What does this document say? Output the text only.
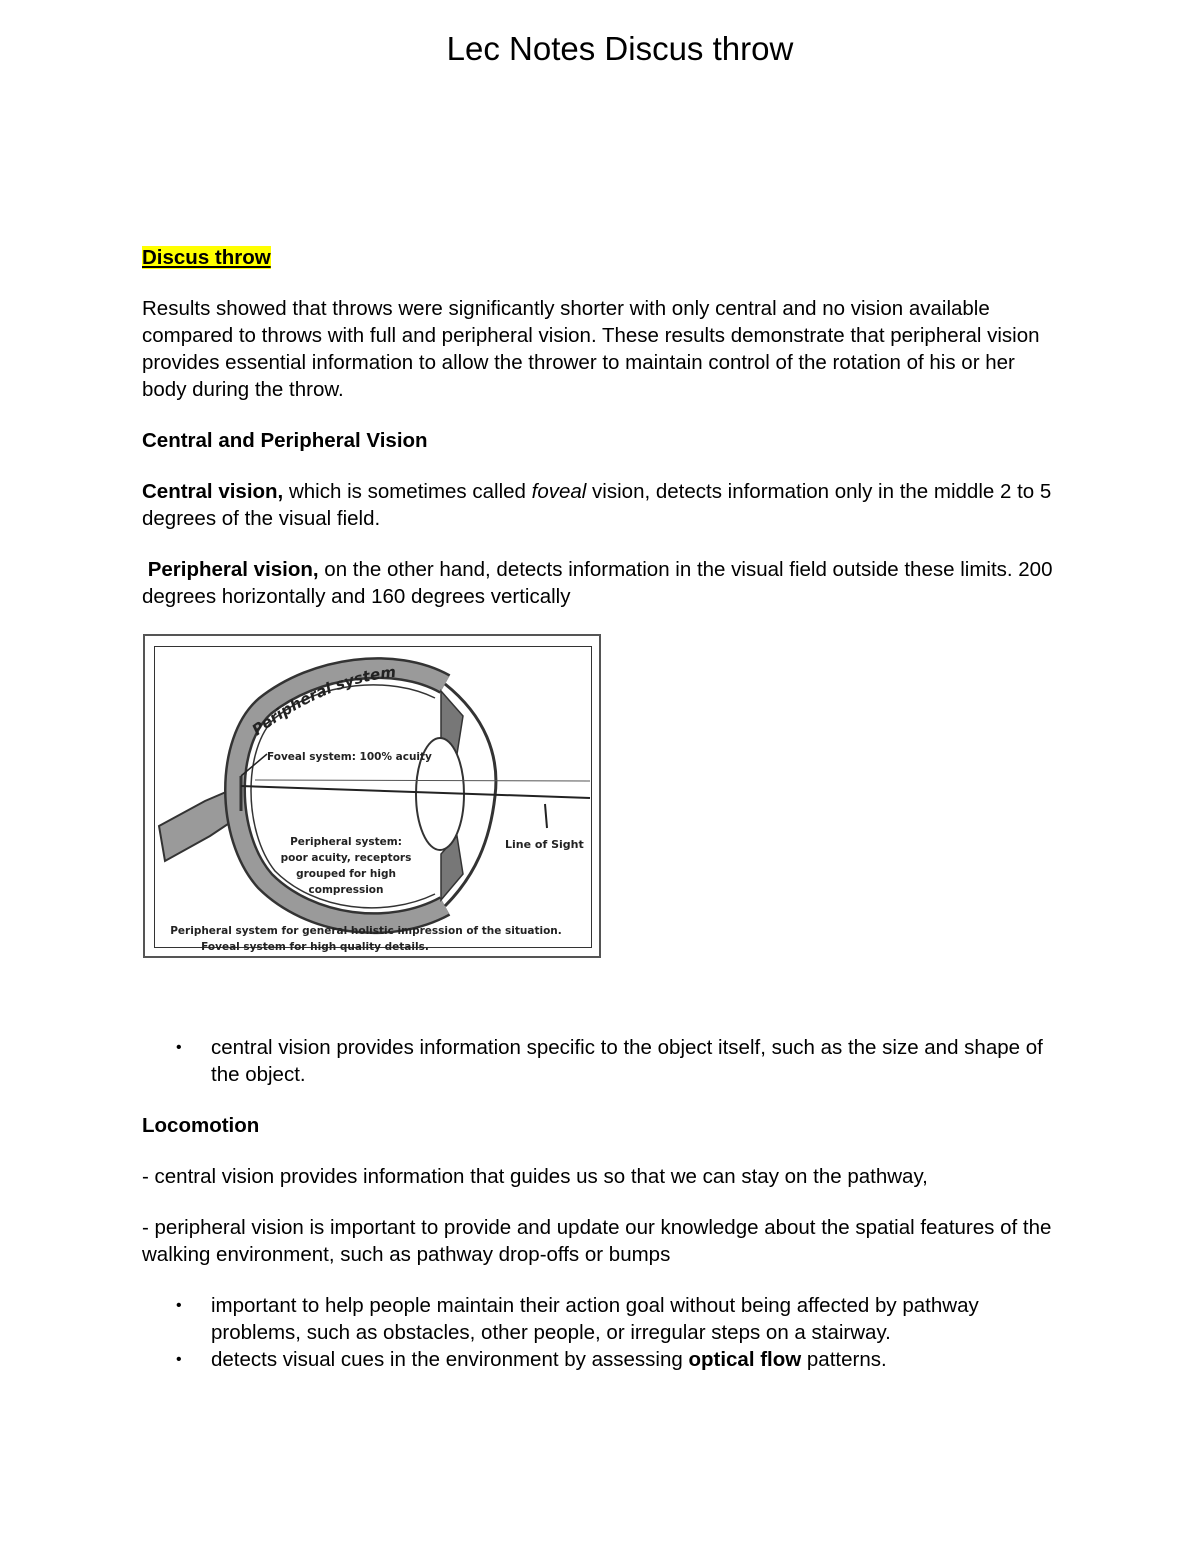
Lec Notes Discus throw

Discus throw

Results showed that throws were significantly shorter with only central and no vision available compared to throws with full and peripheral vision. These results demonstrate that peripheral vision provides essential information to allow the thrower to maintain control of the rotation of his or her body during the throw.

Central and Peripheral Vision

Central vision, which is sometimes called foveal vision, detects information only in the middle 2 to 5 degrees of the visual field.

Peripheral vision, on the other hand, detects information in the visual field outside these limits. 200 degrees horizontally and 160 degrees vertically

Peripheral system
Foveal system: 100% acuity
Line of Sight
Peripheral system:
poor acuity, receptors
grouped for high
compression
Peripheral system for general holistic impression of the situation.
Foveal system for high quality details.
• central vision provides information specific to the object itself, such as the size and shape of the object.

Locomotion

- central vision provides information that guides us so that we can stay on the pathway,

- peripheral vision is important to provide and update our knowledge about the spatial features of the walking environment, such as pathway drop-offs or bumps

• important to help people maintain their action goal without being affected by pathway problems, such as obstacles, other people, or irregular steps on a stairway.
• detects visual cues in the environment by assessing optical flow patterns.
